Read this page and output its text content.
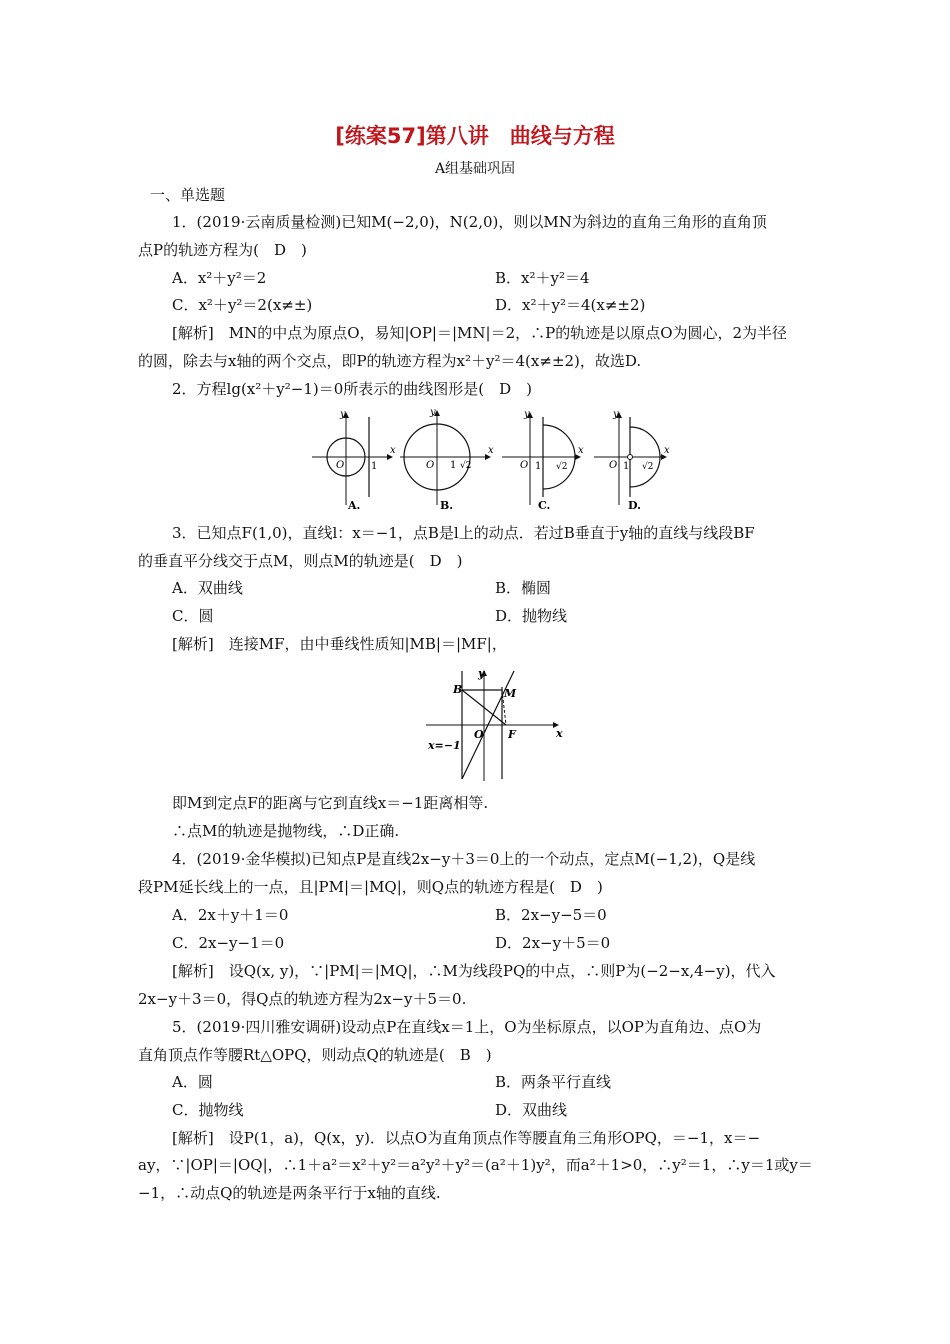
[练案57]第八讲　曲线与方程
A组基础巩固
一、单选题
1．(2019·云南质量检测)已知M(−2,0)，N(2,0)，则以MN为斜边的直角三角形的直角顶
点P的轨迹方程为(　D　)
A．x²＋y²＝2	B．x²＋y²＝4
C．x²＋y²＝2(x≠±)	D．x²＋y²＝4(x≠±2)
[解析]　MN的中点为原点O，易知|OP|＝|MN|＝2，∴P的轨迹是以原点O为圆心，2为半径
的圆，除去与x轴的两个交点，即P的轨迹方程为x²＋y²＝4(x≠±2)，故选D.
2．方程lg(x²＋y²−1)＝0所表示的曲线图形是(　D　)
y
x
O	1
A.
y
x
O 1 √2
B.
y
x
O 1 √2
C.
y
x
O 1 √2
D.
3．已知点F(1,0)，直线l：x＝−1，点B是l上的动点．若过B垂直于y轴的直线与线段BF
的垂直平分线交于点M，则点M的轨迹是(　D　)
A．双曲线	B．椭圆
C．圆	D．抛物线
[解析]　连接MF，由中垂线性质知|MB|＝|MF|，
B	M
O F	x
y
x=−1
即M到定点F的距离与它到直线x＝−1距离相等.
∴点M的轨迹是抛物线，∴D正确.
4．(2019·金华模拟)已知点P是直线2x−y＋3＝0上的一个动点，定点M(−1,2)，Q是线
段PM延长线上的一点，且|PM|＝|MQ|，则Q点的轨迹方程是(　D　)
A．2x＋y＋1＝0	B．2x−y−5＝0
C．2x−y−1＝0	D．2x−y＋5＝0
[解析]　设Q(x, y)，∵|PM|＝|MQ|，∴M为线段PQ的中点，∴则P为(−2−x,4−y)，代入
2x−y＋3＝0，得Q点的轨迹方程为2x−y＋5＝0.
5．(2019·四川雅安调研)设动点P在直线x＝1上，O为坐标原点，以OP为直角边、点O为
直角顶点作等腰Rt△OPQ，则动点Q的轨迹是(　B　)
A．圆	B．两条平行直线
C．抛物线	D．双曲线
[解析]　设P(1，a)，Q(x，y)．以点O为直角顶点作等腰直角三角形OPQ，＝−1，x＝−
ay，∵|OP|＝|OQ|，∴1＋a²＝x²＋y²＝a²y²＋y²＝(a²＋1)y²，而a²＋1>0，∴y²＝1，∴y＝1或y＝
−1，∴动点Q的轨迹是两条平行于x轴的直线.
